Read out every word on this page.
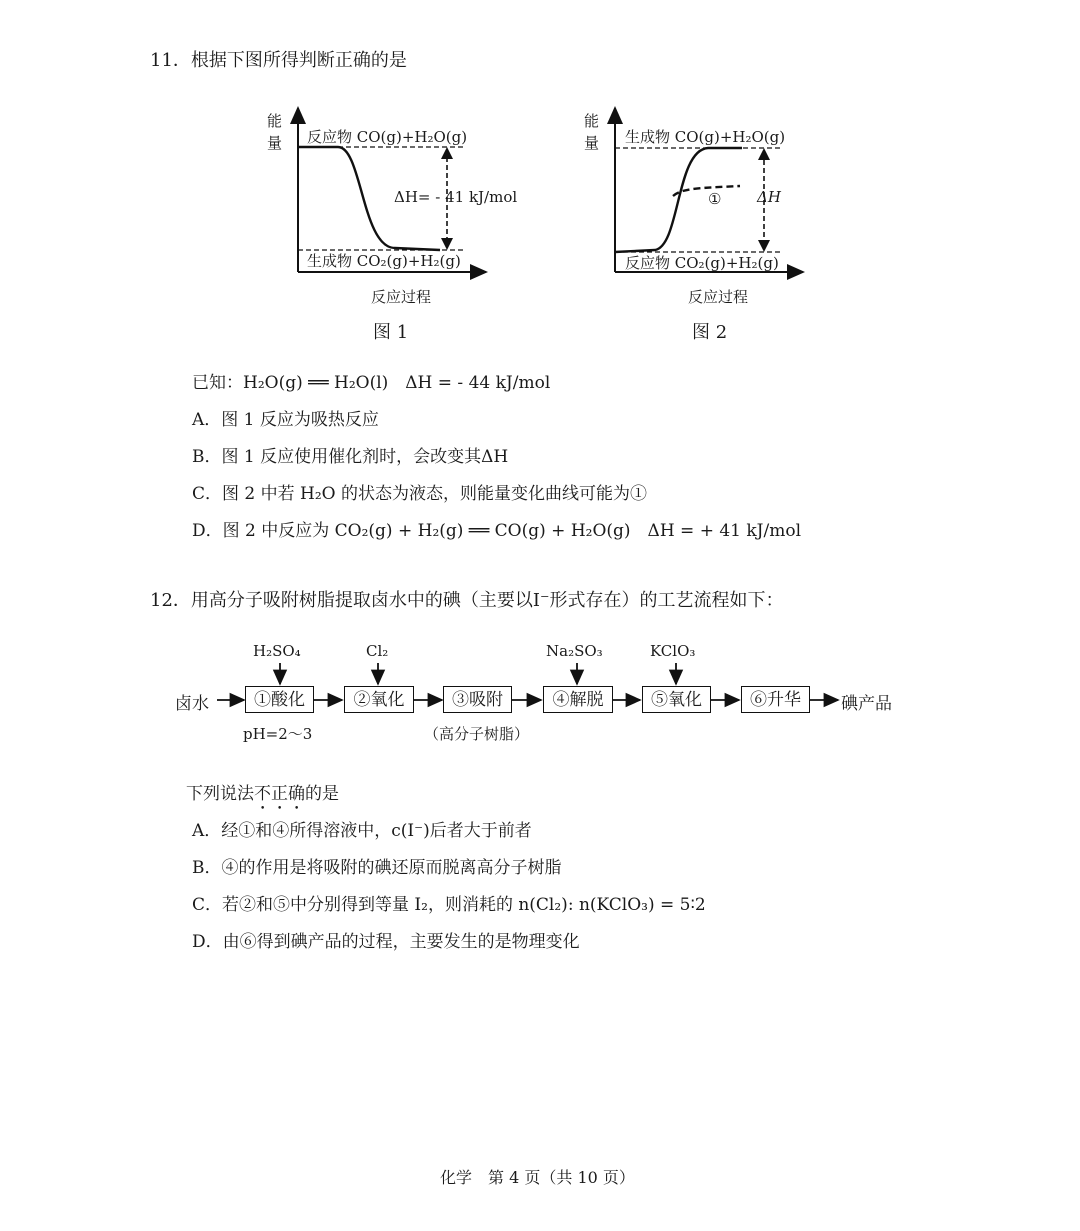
11．根据下图所得判断正确的是
能
量 反应物 CO(g)+H₂O(g)
生成物 CO₂(g)+H₂(g)
ΔH= - 41 kJ/mol
反应过程
图 1
能
量 生成物 CO(g)+H₂O(g)
反应物 CO₂(g)+H₂(g)
① ΔH
反应过程
图 2
已知：H₂O(g) ══ H₂O(l)　ΔH = - 44 kJ/mol
A．图 1 反应为吸热反应
B．图 1 反应使用催化剂时，会改变其ΔH
C．图 2 中若 H₂O 的状态为液态，则能量变化曲线可能为①
D．图 2 中反应为 CO₂(g) + H₂(g) ══ CO(g) + H₂O(g)　ΔH = + 41 kJ/mol
12．用高分子吸附树脂提取卤水中的碘（主要以I⁻形式存在）的工艺流程如下：
卤水	①酸化	②氧化	③吸附	④解脱	⑤氧化	⑥升华	碘产品
H₂SO₄	Cl₂	Na₂SO₃	KClO₃
pH=2～3	（高分子树脂）
下列说法不正确的是
A．经①和④所得溶液中，c(I⁻)后者大于前者
B．④的作用是将吸附的碘还原而脱离高分子树脂
C．若②和⑤中分别得到等量 I₂，则消耗的 n(Cl₂): n(KClO₃) = 5∶2
D．由⑥得到碘产品的过程，主要发生的是物理变化
化学　第 4 页（共 10 页）
